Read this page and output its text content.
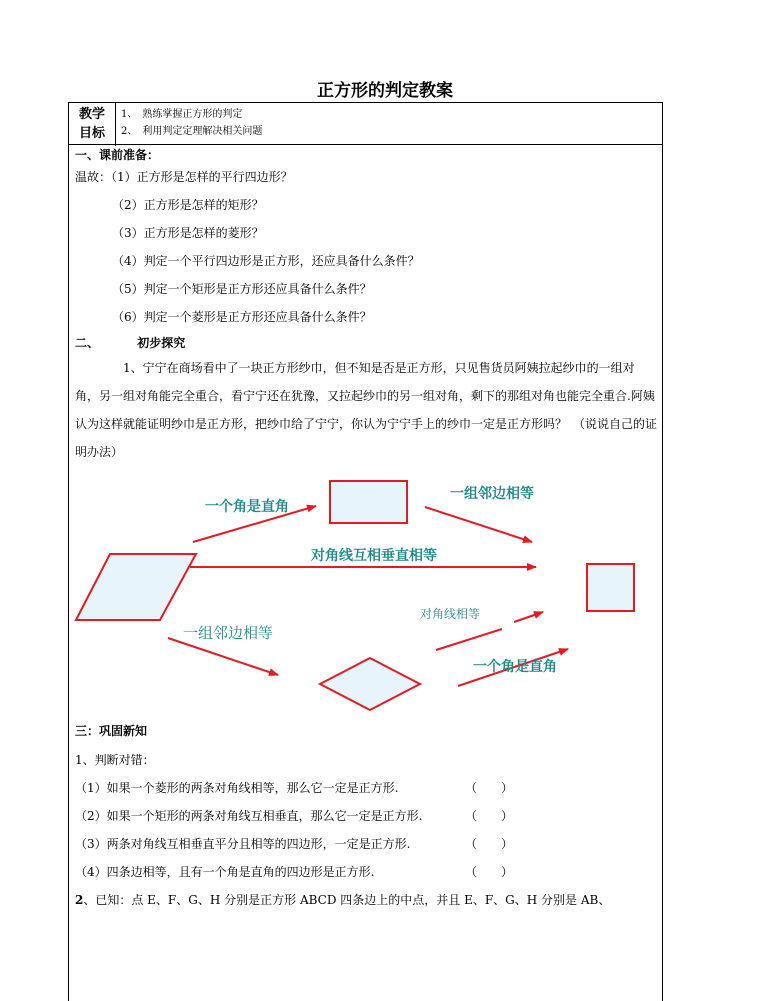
正方形的判定教案
教学
目标
1、　熟练掌握正方形的判定
2、　利用判定定理解决相关问题
一、课前准备：
温故：（1）正方形是怎样的平行四边形？
（2）正方形是怎样的矩形？
（3）正方形是怎样的菱形？
（4）判定一个平行四边形是正方形，还应具备什么条件？
（5）判定一个矩形是正方形还应具备什么条件？
（6）判定一个菱形是正方形还应具备什么条件？
二、	初步探究
1、宁宁在商场看中了一块正方形纱巾，但不知是否是正方形，只见售货员阿姨拉起纱巾的一组对角，另一组对角能完全重合，看宁宁还在犹豫，又拉起纱巾的另一组对角，剩下的那组对角也能完全重合.阿姨认为这样就能证明纱巾是正方形，把纱巾给了宁宁，你认为宁宁手上的纱巾一定是正方形吗？　（说说自己的证明办法）
一个角是直角
一组邻边相等
对角线互相垂直相等
对角线相等
一组邻边相等
一个角是直角
三：巩固新知
1、判断对错：
（1）如果一个菱形的两条对角线相等，那么它一定是正方形.	（　　）
（2）如果一个矩形的两条对角线互相垂直，那么它一定是正方形.	（　　）
（3）两条对角线互相垂直平分且相等的四边形，一定是正方形.	（　　）
（4）四条边相等，且有一个角是直角的四边形是正方形.	（　　）
2、已知：点 E、F、G、H 分别是正方形 ABCD 四条边上的中点，并且 E、F、G、H 分别是 AB、
